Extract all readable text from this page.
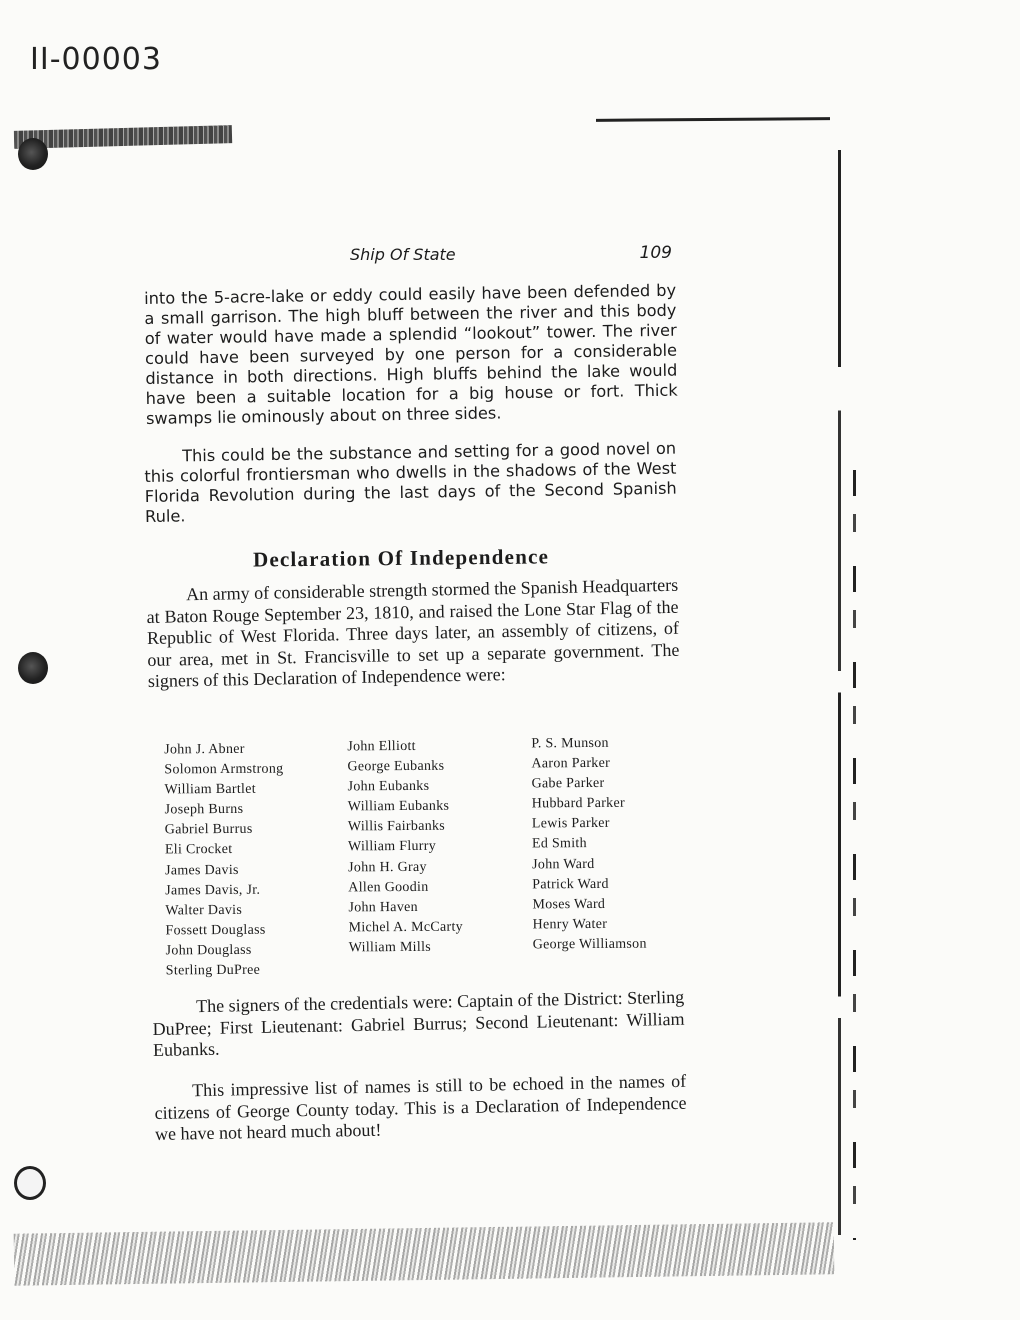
II-00003
Ship Of State	109

into the 5-acre-lake or eddy could easily have been defended by a small garrison. The high bluff between the river and this body of water would have made a splendid “lookout” tower. The river could have been surveyed by one person for a considerable distance in both directions. High bluffs behind the lake would have been a suitable location for a big house or fort. Thick swamps lie ominously about on three sides.

This could be the substance and setting for a good novel on this colorful frontiersman who dwells in the shadows of the West Florida Revolution during the last days of the Second Spanish Rule.

Declaration Of Independence

An army of considerable strength stormed the Spanish Headquarters at Baton Rouge September 23, 1810, and raised the Lone Star Flag of the Republic of West Florida. Three days later, an assembly of citizens, of our area, met in St. Francisville to set up a separate government. The signers of this Declaration of Independence were:

John J. Abner
Solomon Armstrong
William Bartlet
Joseph Burns
Gabriel Burrus
Eli Crocket
James Davis
James Davis, Jr.
Walter Davis
Fossett Douglass
John Douglass
Sterling DuPree
John Elliott
George Eubanks
John Eubanks
William Eubanks
Willis Fairbanks
William Flurry
John H. Gray
Allen Goodin
John Haven
Michel A. McCarty
William Mills
P. S. Munson
Aaron Parker
Gabe Parker
Hubbard Parker
Lewis Parker
Ed Smith
John Ward
Patrick Ward
Moses Ward
Henry Water
George Williamson

The signers of the credentials were: Captain of the District: Sterling DuPree; First Lieutenant: Gabriel Burrus; Second Lieutenant: William Eubanks.

This impressive list of names is still to be echoed in the names of citizens of George County today. This is a Declaration of Independence we have not heard much about!
